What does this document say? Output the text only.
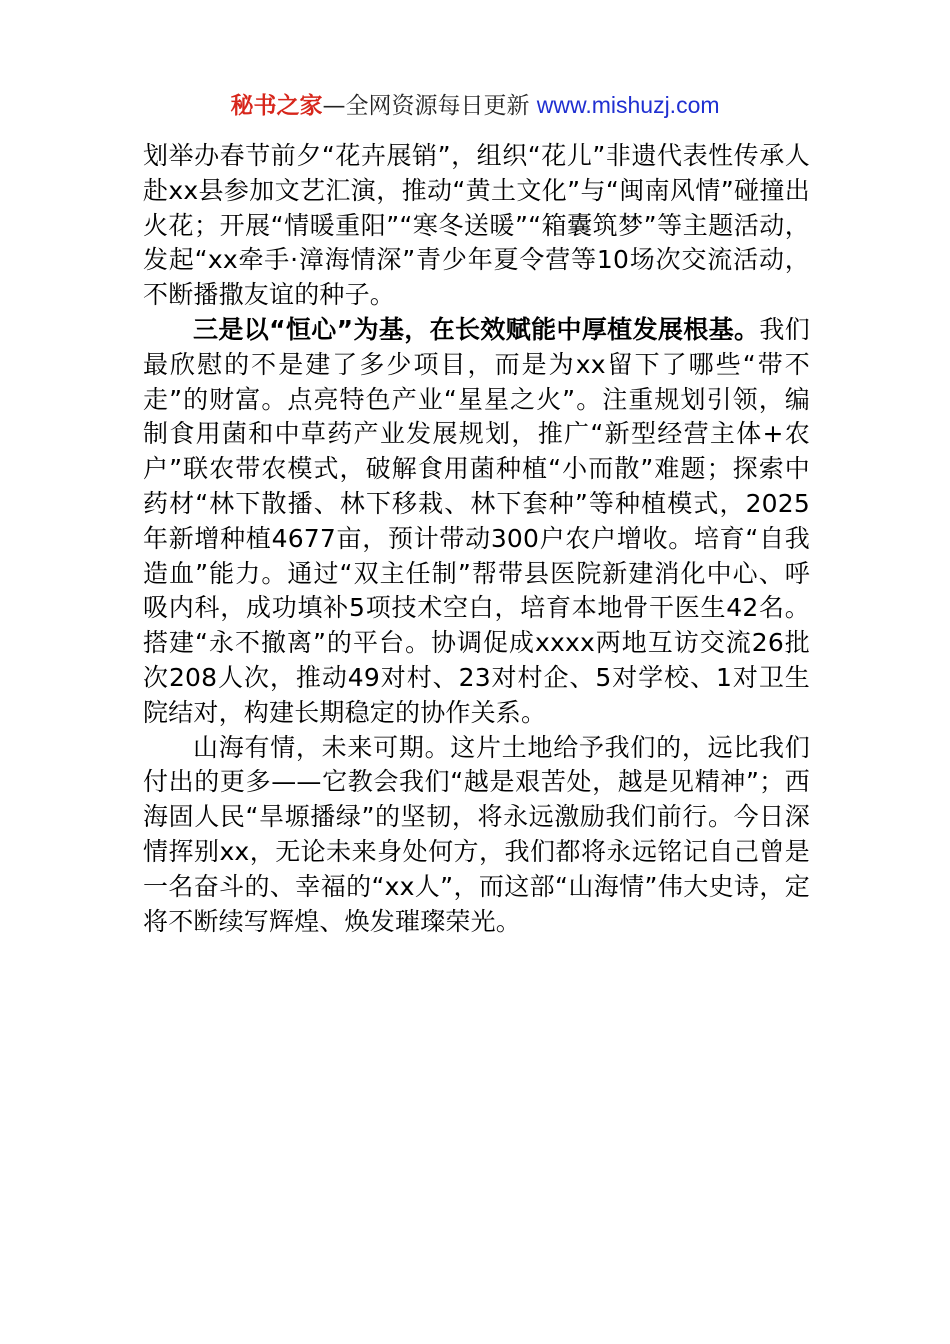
秘书之家—全网资源每日更新 www.mishuzj.com

划举办春节前夕“花卉展销”，组织“花儿”非遗代表性传承人赴xx县参加文艺汇演，推动“黄土文化”与“闽南风情”碰撞出火花；开展“情暖重阳”“寒冬送暖”“箱囊筑梦”等主题活动，发起“xx牵手·漳海情深”青少年夏令营等10场次交流活动，不断播撒友谊的种子。

三是以“恒心”为基，在长效赋能中厚植发展根基。我们最欣慰的不是建了多少项目，而是为xx留下了哪些“带不走”的财富。点亮特色产业“星星之火”。注重规划引领，编制食用菌和中草药产业发展规划，推广“新型经营主体+农户”联农带农模式，破解食用菌种植“小而散”难题；探索中药材“林下散播、林下移栽、林下套种”等种植模式，2025年新增种植4677亩，预计带动300户农户增收。培育“自我造血”能力。通过“双主任制”帮带县医院新建消化中心、呼吸内科，成功填补5项技术空白，培育本地骨干医生42名。搭建“永不撤离”的平台。协调促成xxxx两地互访交流26批次208人次，推动49对村、23对村企、5对学校、1对卫生院结对，构建长期稳定的协作关系。

山海有情，未来可期。这片土地给予我们的，远比我们付出的更多——它教会我们“越是艰苦处，越是见精神”；西海固人民“旱塬播绿”的坚韧，将永远激励我们前行。今日深情挥别xx，无论未来身处何方，我们都将永远铭记自己曾是一名奋斗的、幸福的“xx人”，而这部“山海情”伟大史诗，定将不断续写辉煌、焕发璀璨荣光。
